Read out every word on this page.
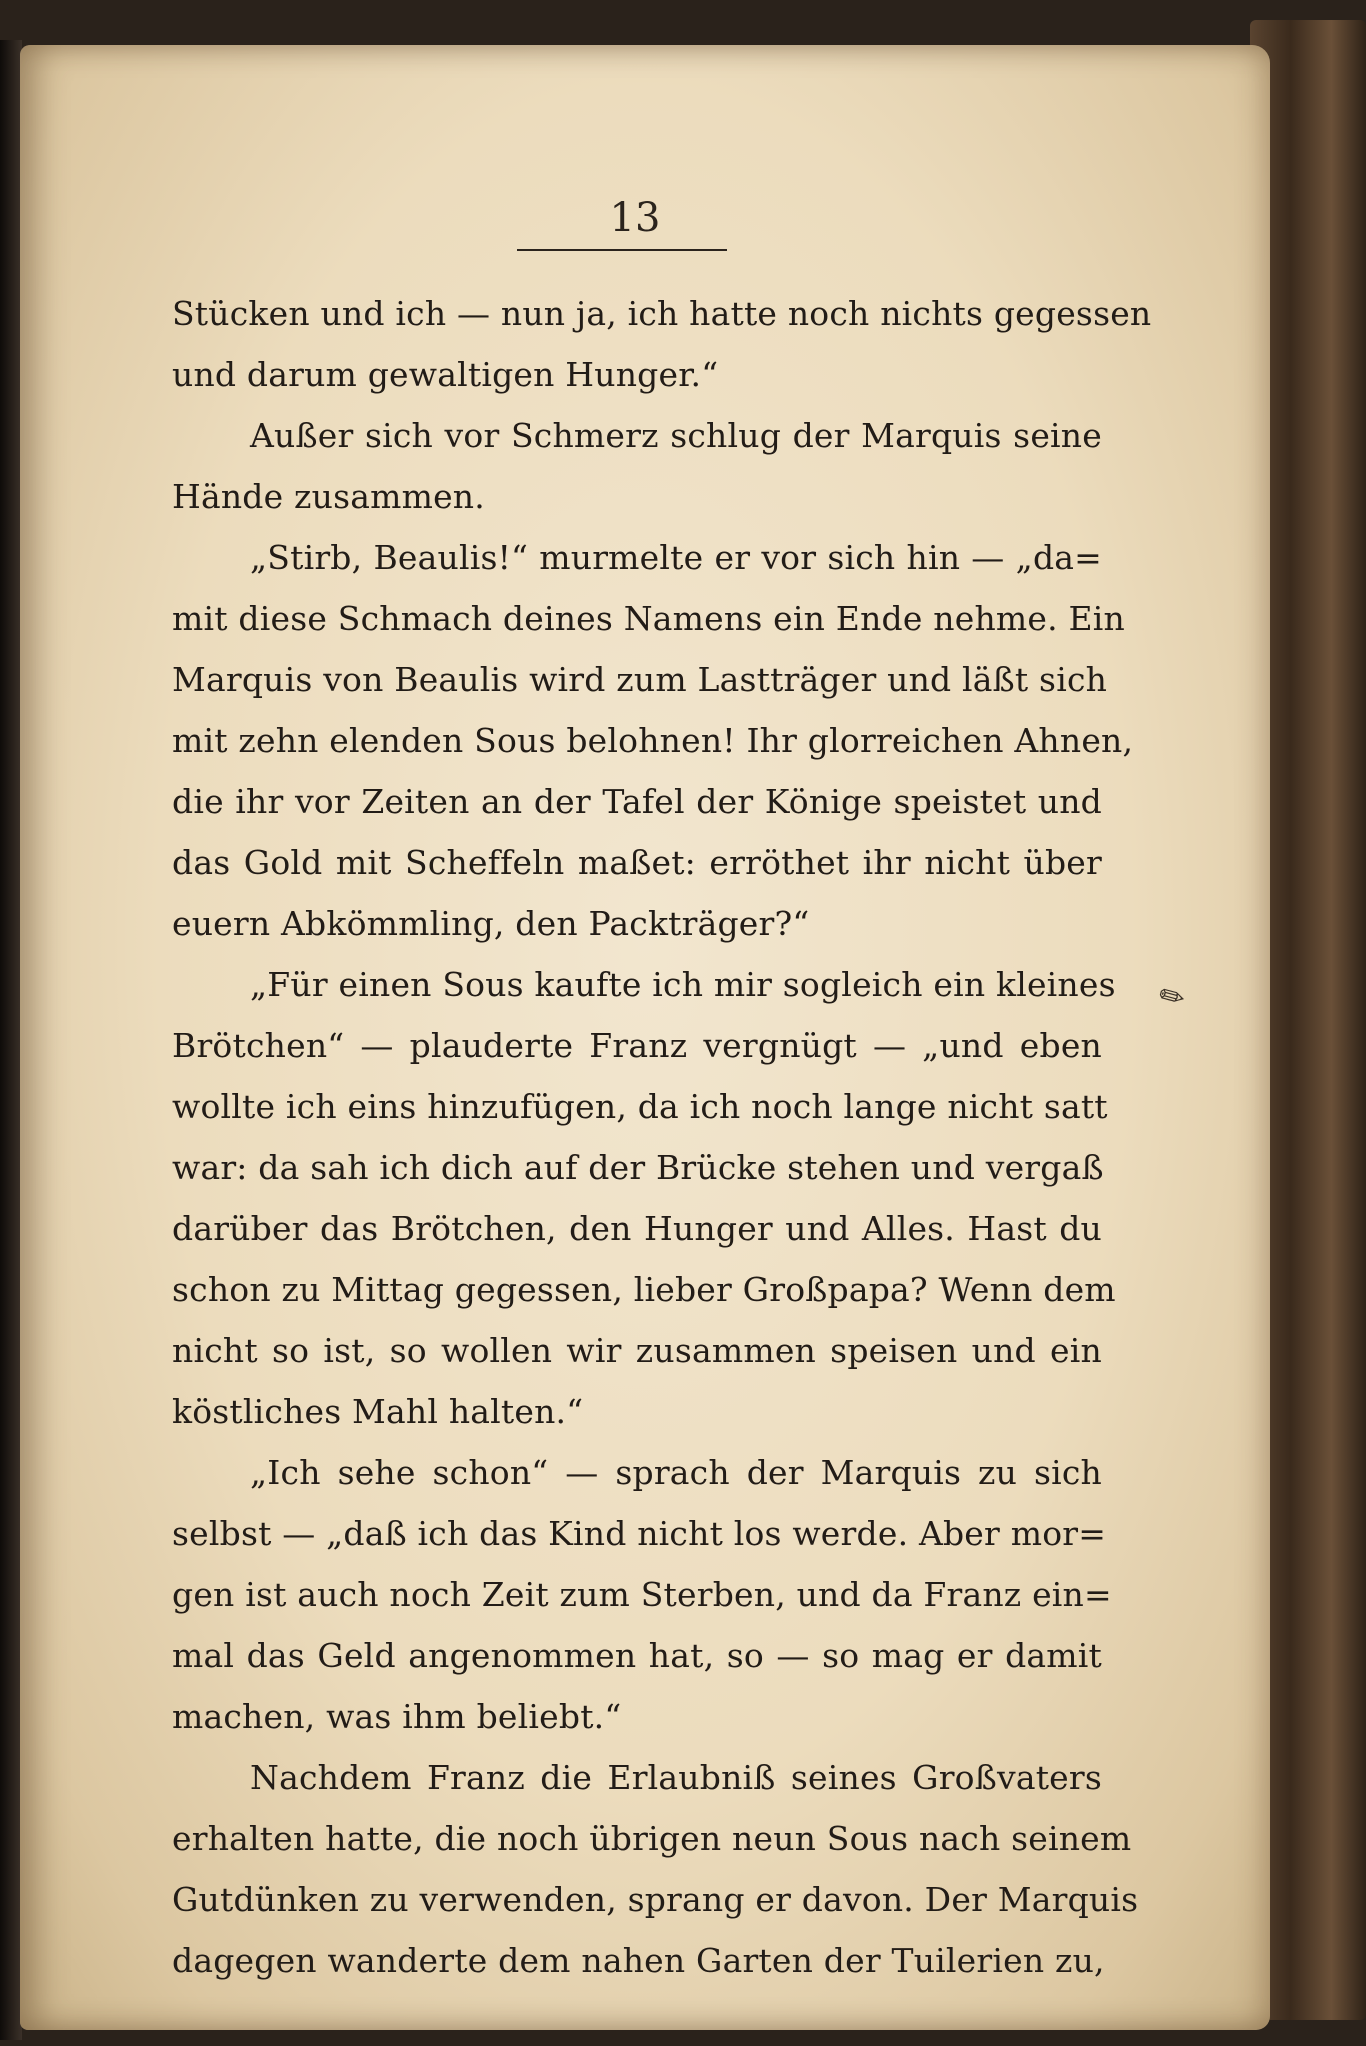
13
Stücken und ich — nun ja, ich hatte noch nichts gegessen
und darum gewaltigen Hunger.“
Außer sich vor Schmerz schlug der Marquis seine
Hände zusammen.
„Stirb, Beaulis!“ murmelte er vor sich hin — „da=
mit diese Schmach deines Namens ein Ende nehme. Ein
Marquis von Beaulis wird zum Lastträger und läßt sich
mit zehn elenden Sous belohnen! Ihr glorreichen Ahnen,
die ihr vor Zeiten an der Tafel der Könige speistet und
das Gold mit Scheffeln maßet: erröthet ihr nicht über
euern Abkömmling, den Packträger?“
„Für einen Sous kaufte ich mir sogleich ein kleines
Brötchen“ — plauderte Franz vergnügt — „und eben
wollte ich eins hinzufügen, da ich noch lange nicht satt
war: da sah ich dich auf der Brücke stehen und vergaß
darüber das Brötchen, den Hunger und Alles. Hast du
schon zu Mittag gegessen, lieber Großpapa? Wenn dem
nicht so ist, so wollen wir zusammen speisen und ein
köstliches Mahl halten.“
„Ich sehe schon“ — sprach der Marquis zu sich
selbst — „daß ich das Kind nicht los werde. Aber mor=
gen ist auch noch Zeit zum Sterben, und da Franz ein=
mal das Geld angenommen hat, so — so mag er damit
machen, was ihm beliebt.“
Nachdem Franz die Erlaubniß seines Großvaters
erhalten hatte, die noch übrigen neun Sous nach seinem
Gutdünken zu verwenden, sprang er davon. Der Marquis
dagegen wanderte dem nahen Garten der Tuilerien zu,
✎
